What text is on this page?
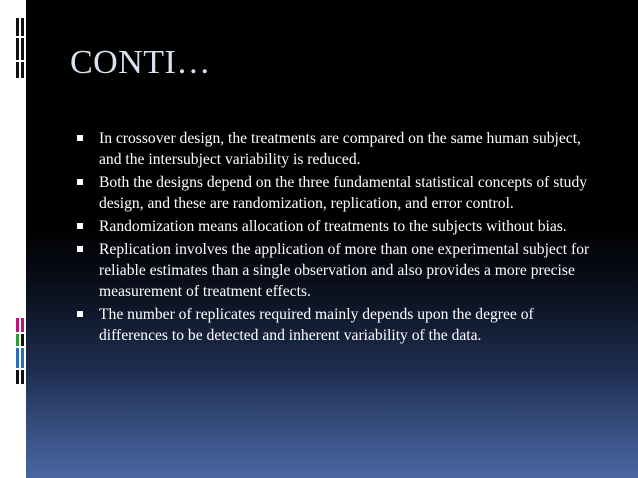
CONTI…
In crossover design, the treatments are compared on the same human subject, and the intersubject variability is reduced.
Both the designs depend on the three fundamental statistical concepts of study design, and these are randomization, replication, and error control.
Randomization means allocation of treatments to the subjects without bias.
Replication involves the application of more than one experimental subject for reliable estimates than a single observation and also provides a more precise measurement of treatment effects.
The number of replicates required mainly depends upon the degree of differences to be detected and inherent variability of the data.
